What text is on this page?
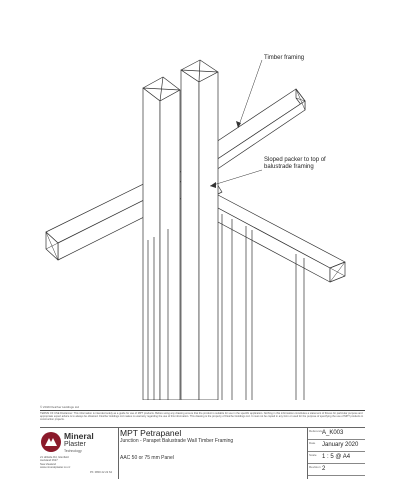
Timber framing
Sloped packer to top of
balustrade framing
© 2019 Fletcher Holdings Ltd
TERMS OF USE Disclaimer: This information is intended solely as a guide for use of MPT products. Before using any drawing ensure that the product is suitable for use in the specific application. Nothing in this information constitutes a statement of fitness for particular purpose and appropriate expert advice is to always be obtained. Fletcher Holdings Ltd makes no warranty regarding the use of this information. This drawing is the property of Fletcher Holdings Ltd. It must not be copied in any form or used for the purpose of specifying the use of MPT products in construction projects.
Mineral
Plaster
Technology
21 Hillside Rd, Glenfield
Auckland 0627
New Zealand
www.mineralplaster.co.nz
Ph: 0800 22 22 64
MPT Petrapanel
Junction - Parapet Balustrade Wall Timber Framing
AAC 50 or 75 mm Panel
Reference A_K003
Date January 2020
Scale 1 : 5 @ A4
Revision 2
